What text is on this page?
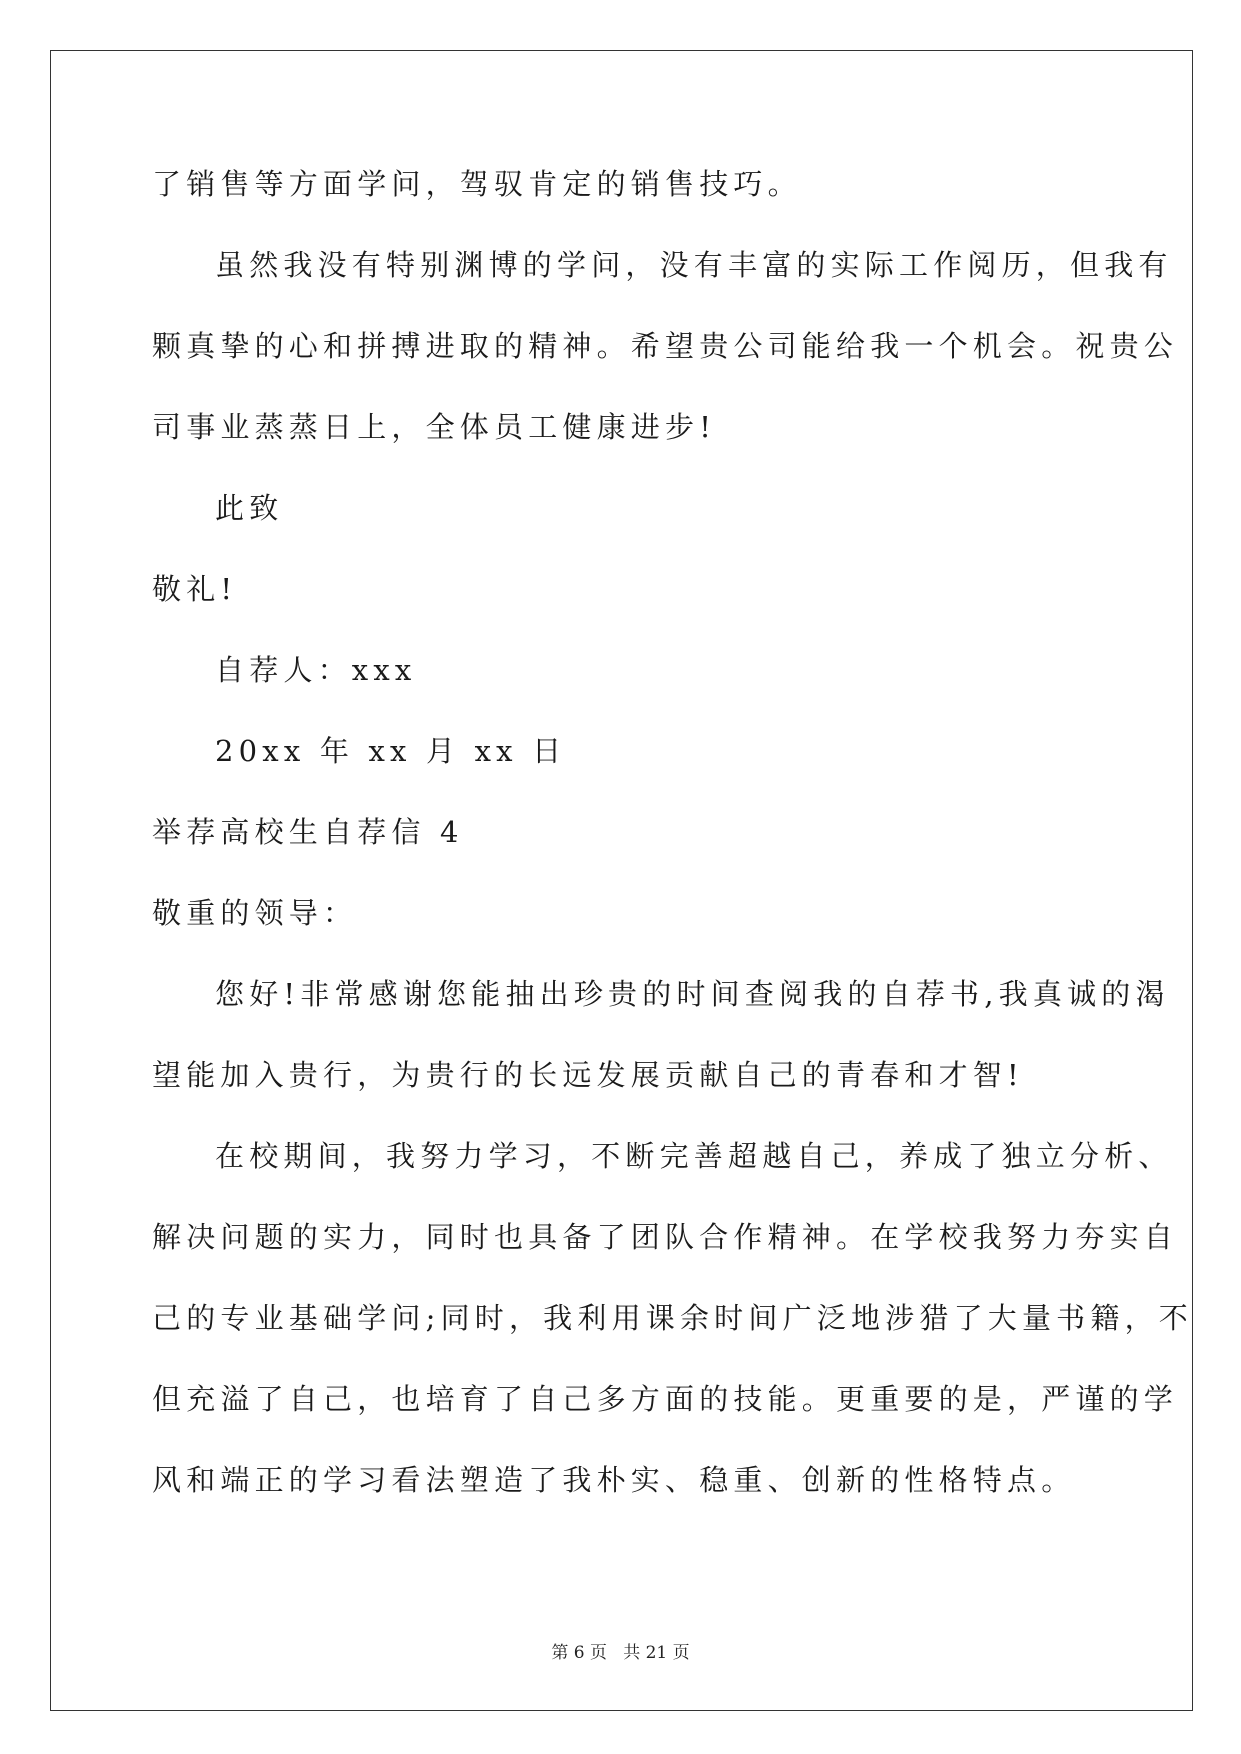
了销售等方面学问，驾驭肯定的销售技巧。
虽然我没有特别渊博的学问，没有丰富的实际工作阅历，但我有
颗真挚的心和拼搏进取的精神。希望贵公司能给我一个机会。祝贵公
司事业蒸蒸日上，全体员工健康进步!
此致
敬礼!
自荐人：xxx
20xx 年 xx 月 xx 日
举荐高校生自荐信 4
敬重的领导：
您好!非常感谢您能抽出珍贵的时间查阅我的自荐书,我真诚的渴
望能加入贵行，为贵行的长远发展贡献自己的青春和才智!
在校期间，我努力学习，不断完善超越自己，养成了独立分析、
解决问题的实力，同时也具备了团队合作精神。在学校我努力夯实自
己的专业基础学问;同时，我利用课余时间广泛地涉猎了大量书籍，不
但充溢了自己，也培育了自己多方面的技能。更重要的是，严谨的学
风和端正的学习看法塑造了我朴实、稳重、创新的性格特点。
第 6 页   共 21 页
